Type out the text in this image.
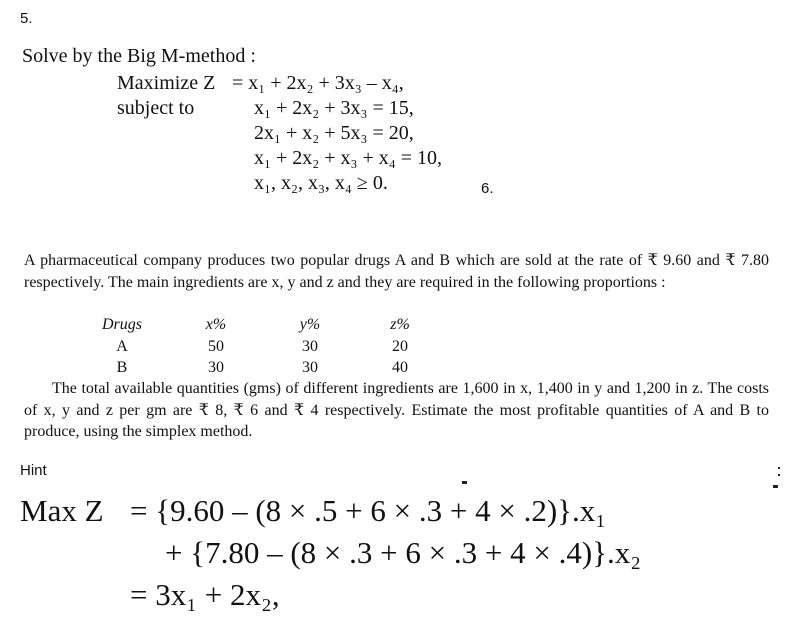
5.
Solve by the Big M-method :
Maximize Z = x₁ + 2x₂ + 3x₃ – x₄,
subject to	x₁ + 2x₂ + 3x₃ = 15,
2x₁ + x₂ + 5x₃ = 20,
x₁ + 2x₂ + x₃ + x₄ = 10,
x₁, x₂, x₃, x₄ ≥ 0.	6.
A pharmaceutical company produces two popular drugs A and B which are sold at the rate of ₹ 9.60 and ₹ 7.80 respectively. The main ingredients are x, y and z and they are required in the following proportions :
Drugs	x%	y%	z%
A	50	30	20
B	30	30	40
The total available quantities (gms) of different ingredients are 1,600 in x, 1,400 in y and 1,200 in z. The costs of x, y and z per gm are ₹ 8, ₹ 6 and ₹ 4 respectively. Estimate the most profitable quantities of A and B to produce, using the simplex method.
Hint
Max Z = {9.60 – (8 × .5 + 6 × .3 + 4 × .2)}.x₁
+ {7.80 – (8 × .3 + 6 × .3 + 4 × .4)}.x₂
= 3x₁ + 2x₂,
